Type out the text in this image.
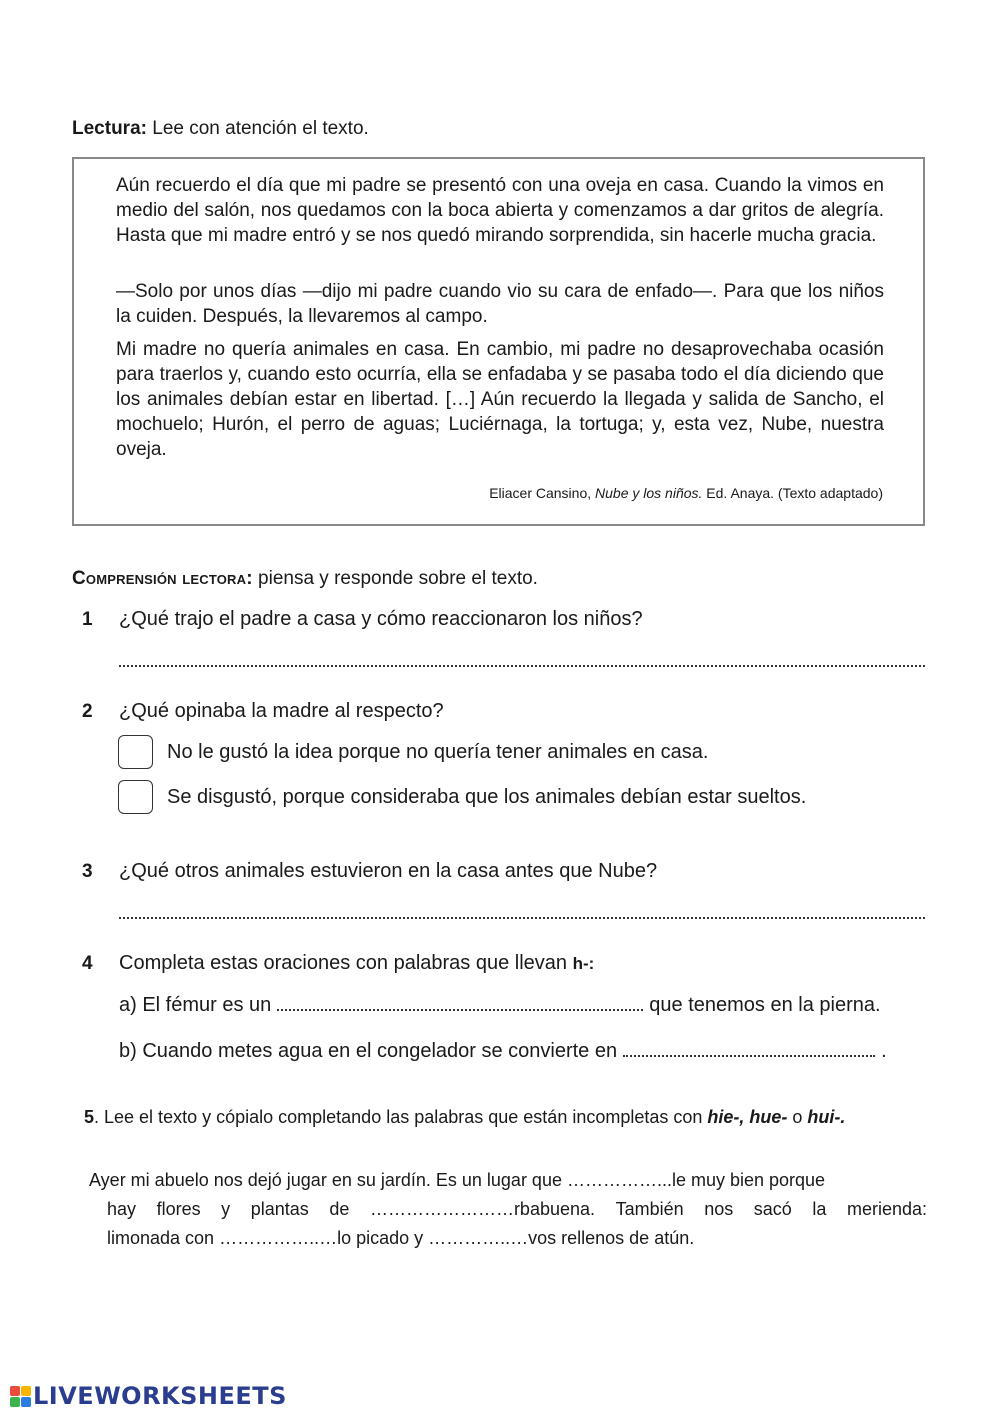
Lectura: Lee con atención el texto.

Aún recuerdo el día que mi padre se presentó con una oveja en casa. Cuando la vimos en medio del salón, nos quedamos con la boca abierta y comenzamos a dar gritos de alegría. Hasta que mi madre entró y se nos quedó mirando sorprendida, sin hacerle mucha gracia.

—Solo por unos días —dijo mi padre cuando vio su cara de enfado—. Para que los niños la cuiden. Después, la llevaremos al campo.

Mi madre no quería animales en casa. En cambio, mi padre no desaprovechaba ocasión para traerlos y, cuando esto ocurría, ella se enfadaba y se pasaba todo el día diciendo que los animales debían estar en libertad. […] Aún recuerdo la llegada y salida de Sancho, el mochuelo; Hurón, el perro de aguas; Luciérnaga, la tortuga; y, esta vez, Nube, nuestra oveja.

Eliacer Cansino, Nube y los niños. Ed. Anaya. (Texto adaptado)
Comprensión lectora: piensa y responde sobre el texto.
1 ¿Qué trajo el padre a casa y cómo reaccionaron los niños?
2 ¿Qué opinaba la madre al respecto?
No le gustó la idea porque no quería tener animales en casa.
Se disgustó, porque consideraba que los animales debían estar sueltos.
3 ¿Qué otros animales estuvieron en la casa antes que Nube?
4 Completa estas oraciones con palabras que llevan h-:
a) El fémur es un	que tenemos en la pierna.
b) Cuando metes agua en el congelador se convierte en	.
5. Lee el texto y cópialo completando las palabras que están incompletas con hie-, hue- o hui-.
Ayer mi abuelo nos dejó jugar en su jardín. Es un lugar que ……………...le muy bien porque
hay flores y plantas de ……………………rbabuena. También nos sacó la merienda:
limonada con ……………..…lo picado y …………..…vos rellenos de atún.
LIVEWORKSHEETS
